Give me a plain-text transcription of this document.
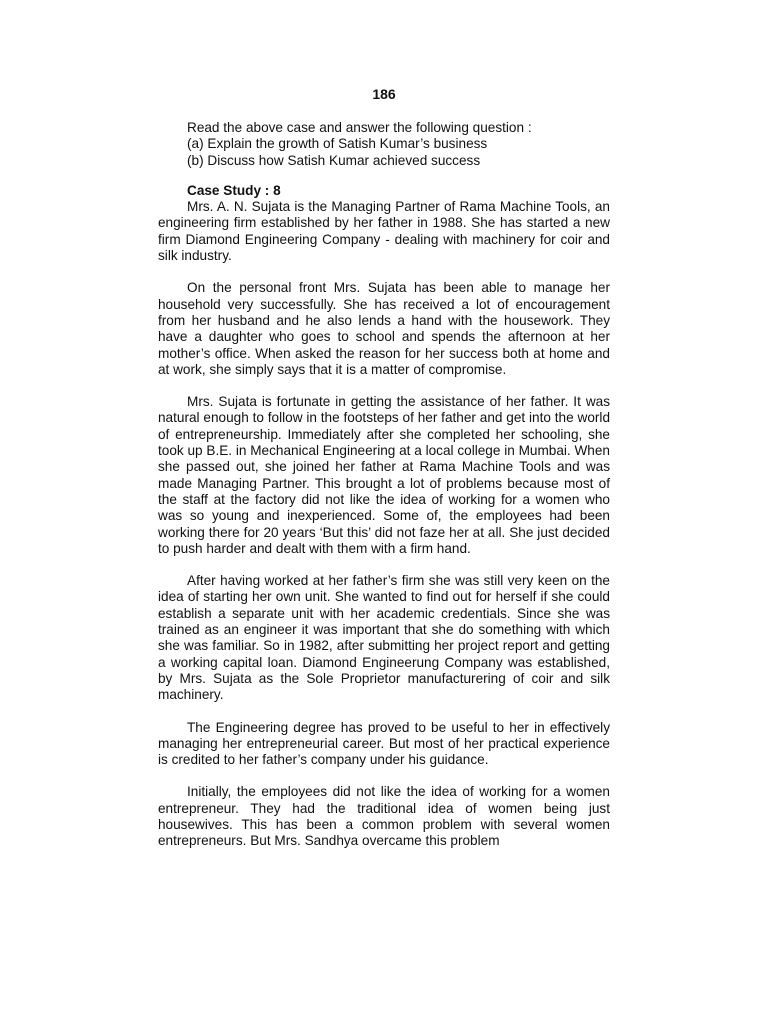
186

Read the above case and answer the following question :

(a) Explain the growth of Satish Kumar’s business

(b) Discuss how Satish Kumar achieved success

Case Study : 8

Mrs. A. N. Sujata is the Managing Partner of Rama Machine Tools, an engineering firm established by her father in 1988. She has started a new firm Diamond Engineering Company - dealing with machinery for coir and silk industry.

On the personal front Mrs. Sujata has been able to manage her household very successfully. She has received a lot of encouragement from her husband and he also lends a hand with the housework. They have a daughter who goes to school and spends the afternoon at her mother’s office. When asked the reason for her success both at home and at work, she simply says that it is a matter of compromise.

Mrs. Sujata is fortunate in getting the assistance of her father. It was natural enough to follow in the footsteps of her father and get into the world of entrepreneurship. Immediately after she completed her schooling, she took up B.E. in Mechanical Engineering at a local college in Mumbai. When she passed out, she joined her father at Rama Machine Tools and was made Managing Partner. This brought a lot of problems because most of the staff at the factory did not like the idea of working for a women who was so young and inexperienced. Some of, the employees had been working there for 20 years ‘But this’ did not faze her at all. She just decided to push harder and dealt with them with a firm hand.

After having worked at her father’s firm she was still very keen on the idea of starting her own unit. She wanted to find out for herself if she could establish a separate unit with her academic credentials. Since she was trained as an engineer it was important that she do something with which she was familiar. So in 1982, after submitting her project report and getting a working capital loan. Diamond Engineerung Company was established, by Mrs. Sujata as the Sole Proprietor manufacturering of coir and silk machinery.

The Engineering degree has proved to be useful to her in effectively managing her entrepreneurial career. But most of her practical experience is credited to her father’s company under his guidance.

Initially, the employees did not like the idea of working for a women entrepreneur. They had the traditional idea of women being just housewives. This has been a common problem with several women entrepreneurs. But Mrs. Sandhya overcame this problem
